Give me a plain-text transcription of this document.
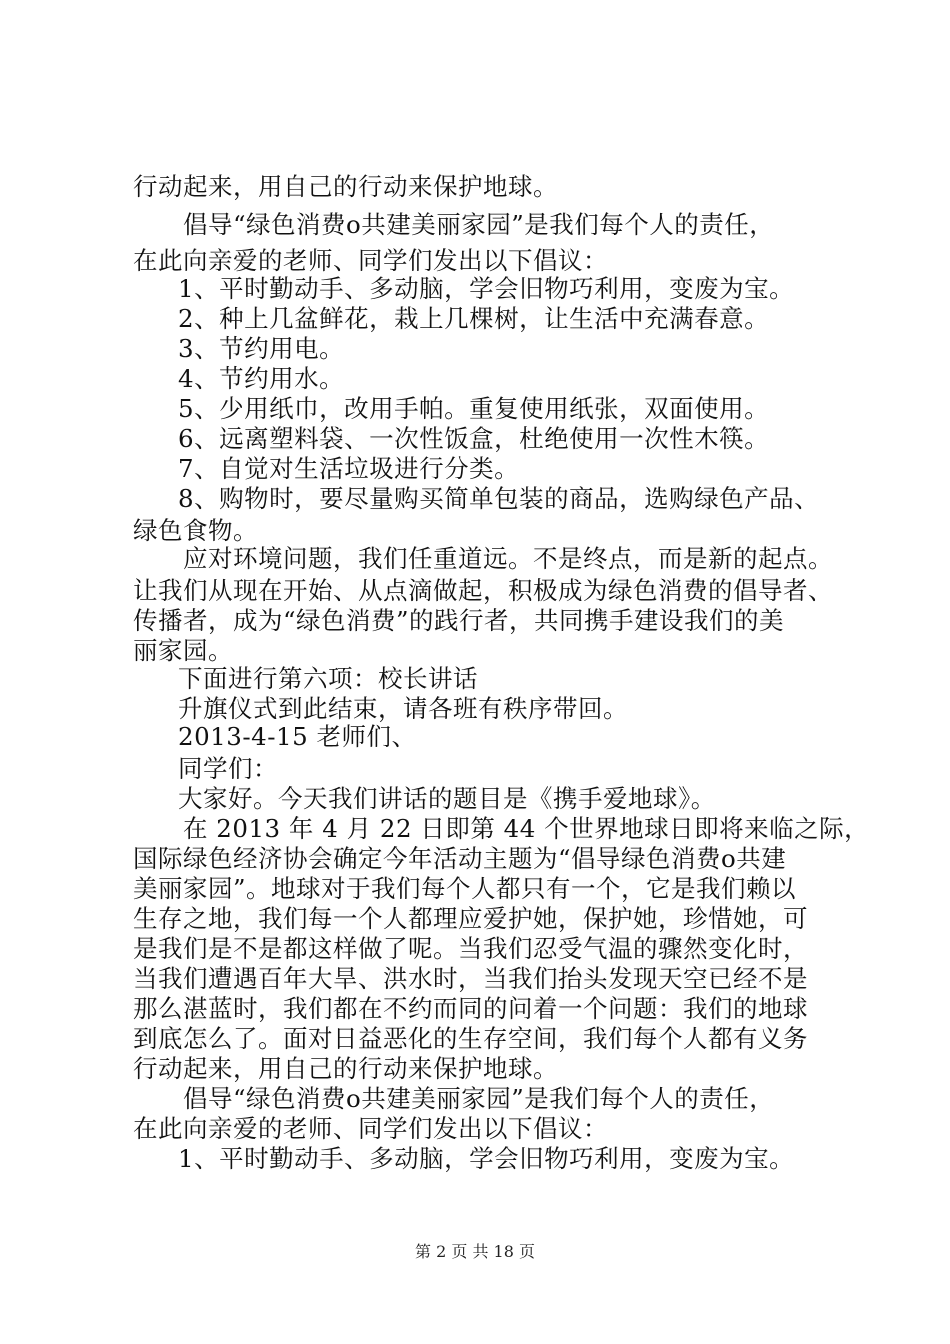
行动起来，用自己的行动来保护地球。
倡导“绿色消费o共建美丽家园”是我们每个人的责任，
在此向亲爱的老师、同学们发出以下倡议：
1、平时勤动手、多动脑，学会旧物巧利用，变废为宝。
2、种上几盆鲜花，栽上几棵树，让生活中充满春意。
3、节约用电。
4、节约用水。
5、少用纸巾，改用手帕。重复使用纸张，双面使用。
6、远离塑料袋、一次性饭盒，杜绝使用一次性木筷。
7、自觉对生活垃圾进行分类。
8、购物时，要尽量购买简单包装的商品，选购绿色产品、
绿色食物。
应对环境问题，我们任重道远。不是终点，而是新的起点。
让我们从现在开始、从点滴做起，积极成为绿色消费的倡导者、
传播者，成为“绿色消费”的践行者，共同携手建设我们的美
丽家园。
下面进行第六项：校长讲话
升旗仪式到此结束，请各班有秩序带回。
2013-4-15 老师们、
同学们：
大家好。今天我们讲话的题目是《携手爱地球》。
在 2013 年 4 月 22 日即第 44 个世界地球日即将来临之际，
国际绿色经济协会确定今年活动主题为“倡导绿色消费o共建
美丽家园”。地球对于我们每个人都只有一个，它是我们赖以
生存之地，我们每一个人都理应爱护她，保护她，珍惜她，可
是我们是不是都这样做了呢。当我们忍受气温的骤然变化时，
当我们遭遇百年大旱、洪水时，当我们抬头发现天空已经不是
那么湛蓝时，我们都在不约而同的问着一个问题：我们的地球
到底怎么了。面对日益恶化的生存空间，我们每个人都有义务
行动起来，用自己的行动来保护地球。
倡导“绿色消费o共建美丽家园”是我们每个人的责任，
在此向亲爱的老师、同学们发出以下倡议：
1、平时勤动手、多动脑，学会旧物巧利用，变废为宝。
第 2 页 共 18 页
